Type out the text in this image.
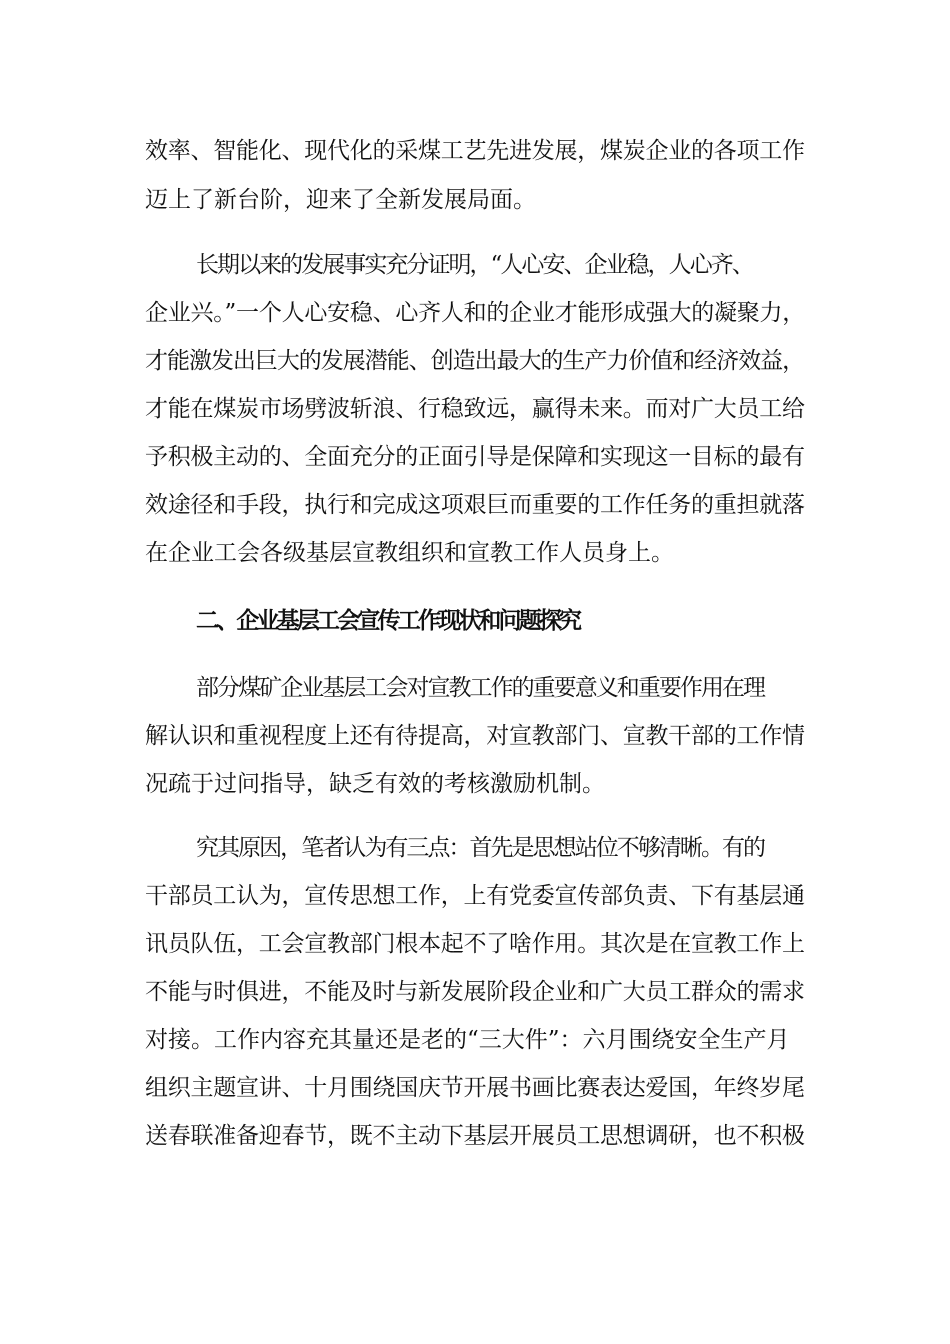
效率、智能化、现代化的采煤工艺先进发展，煤炭企业的各项工作
迈上了新台阶，迎来了全新发展局面。
长期以来的发展事实充分证明，“人心安、企业稳，人心齐、
企业兴。”一个人心安稳、心齐人和的企业才能形成强大的凝聚力，
才能激发出巨大的发展潜能、创造出最大的生产力价值和经济效益，
才能在煤炭市场劈波斩浪、行稳致远，赢得未来。而对广大员工给
予积极主动的、全面充分的正面引导是保障和实现这一目标的最有
效途径和手段，执行和完成这项艰巨而重要的工作任务的重担就落
在企业工会各级基层宣教组织和宣教工作人员身上。
二、企业基层工会宣传工作现状和问题探究
部分煤矿企业基层工会对宣教工作的重要意义和重要作用在理
解认识和重视程度上还有待提高，对宣教部门、宣教干部的工作情
况疏于过问指导，缺乏有效的考核激励机制。
究其原因，笔者认为有三点：首先是思想站位不够清晰。有的
干部员工认为，宣传思想工作，上有党委宣传部负责、下有基层通
讯员队伍，工会宣教部门根本起不了啥作用。其次是在宣教工作上
不能与时俱进，不能及时与新发展阶段企业和广大员工群众的需求
对接。工作内容充其量还是老的“三大件”：六月围绕安全生产月
组织主题宣讲、十月围绕国庆节开展书画比赛表达爱国，年终岁尾
送春联准备迎春节，既不主动下基层开展员工思想调研，也不积极
